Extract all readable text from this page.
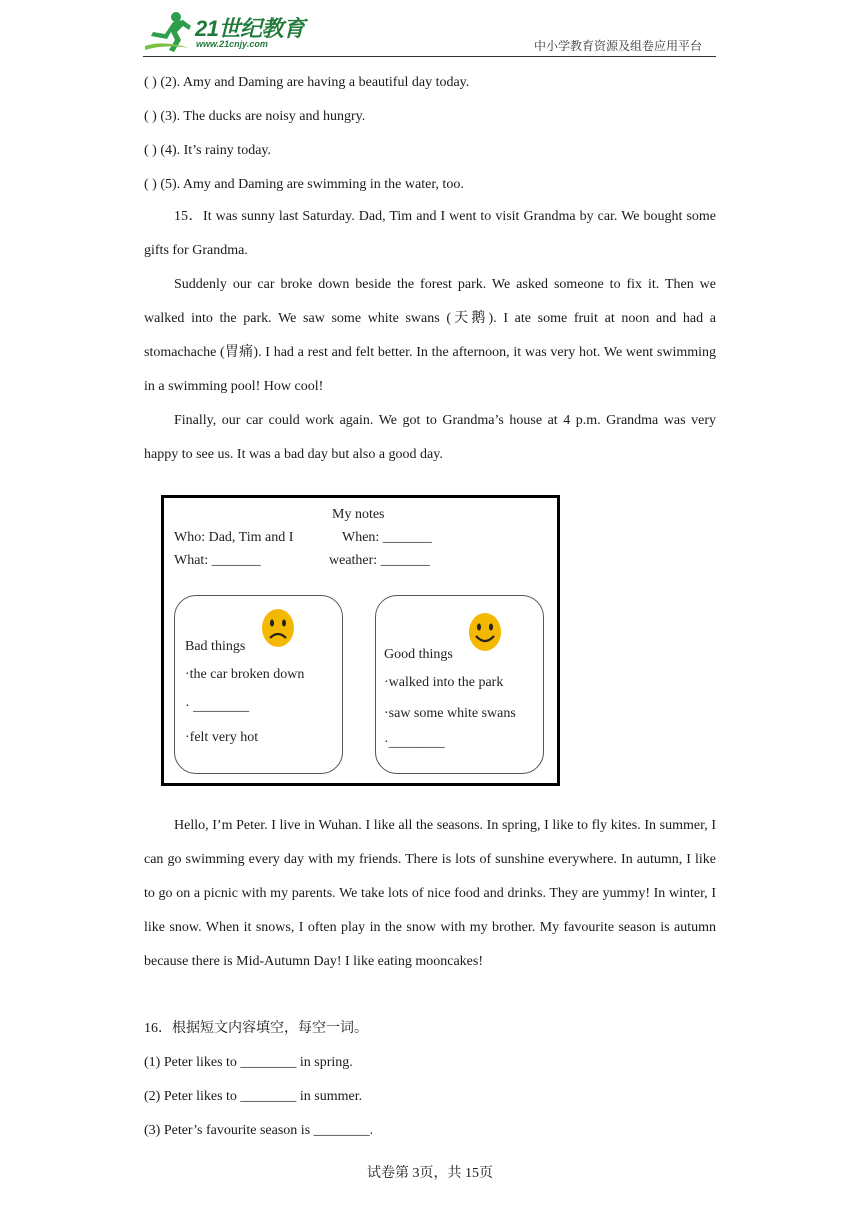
21世纪教育
www.21cnjy.com	中小学教育资源及组卷应用平台
( ) (2). Amy and Daming are having a beautiful day today.
( ) (3). The ducks are noisy and hungry.
( ) (4). It’s rainy today.
( ) (5). Amy and Daming are swimming in the water, too.
15．It was sunny last Saturday. Dad, Tim and I went to visit Grandma by car. We bought some gifts for Grandma.
Suddenly our car broke down beside the forest park. We asked someone to fix it. Then we walked into the park. We saw some white swans (天鹅). I ate some fruit at noon and had a stomachache (胃痛). I had a rest and felt better. In the afternoon, it was very hot. We went swimming in a swimming pool! How cool!
Finally, our car could work again. We got to Grandma’s house at 4 p.m. Grandma was very happy to see us. It was a bad day but also a good day.
My notes
Who: Dad, Tim and I	When: _______
What: _______	weather: _______
Bad things
·the car broken down
· ________
·felt very hot
Good things
·walked into the park
·saw some white swans
·________
Hello, I’m Peter. I live in Wuhan. I like all the seasons. In spring, I like to fly kites. In summer, I can go swimming every day with my friends. There is lots of sunshine everywhere. In autumn, I like to go on a picnic with my parents. We take lots of nice food and drinks. They are yummy! In winter, I like snow. When it snows, I often play in the snow with my brother. My favourite season is autumn because there is Mid-Autumn Day! I like eating mooncakes!
16．根据短文内容填空，每空一词。
(1) Peter likes to ________ in spring.
(2) Peter likes to ________ in summer.
(3) Peter’s favourite season is ________.
试卷第 3页，共 15页
